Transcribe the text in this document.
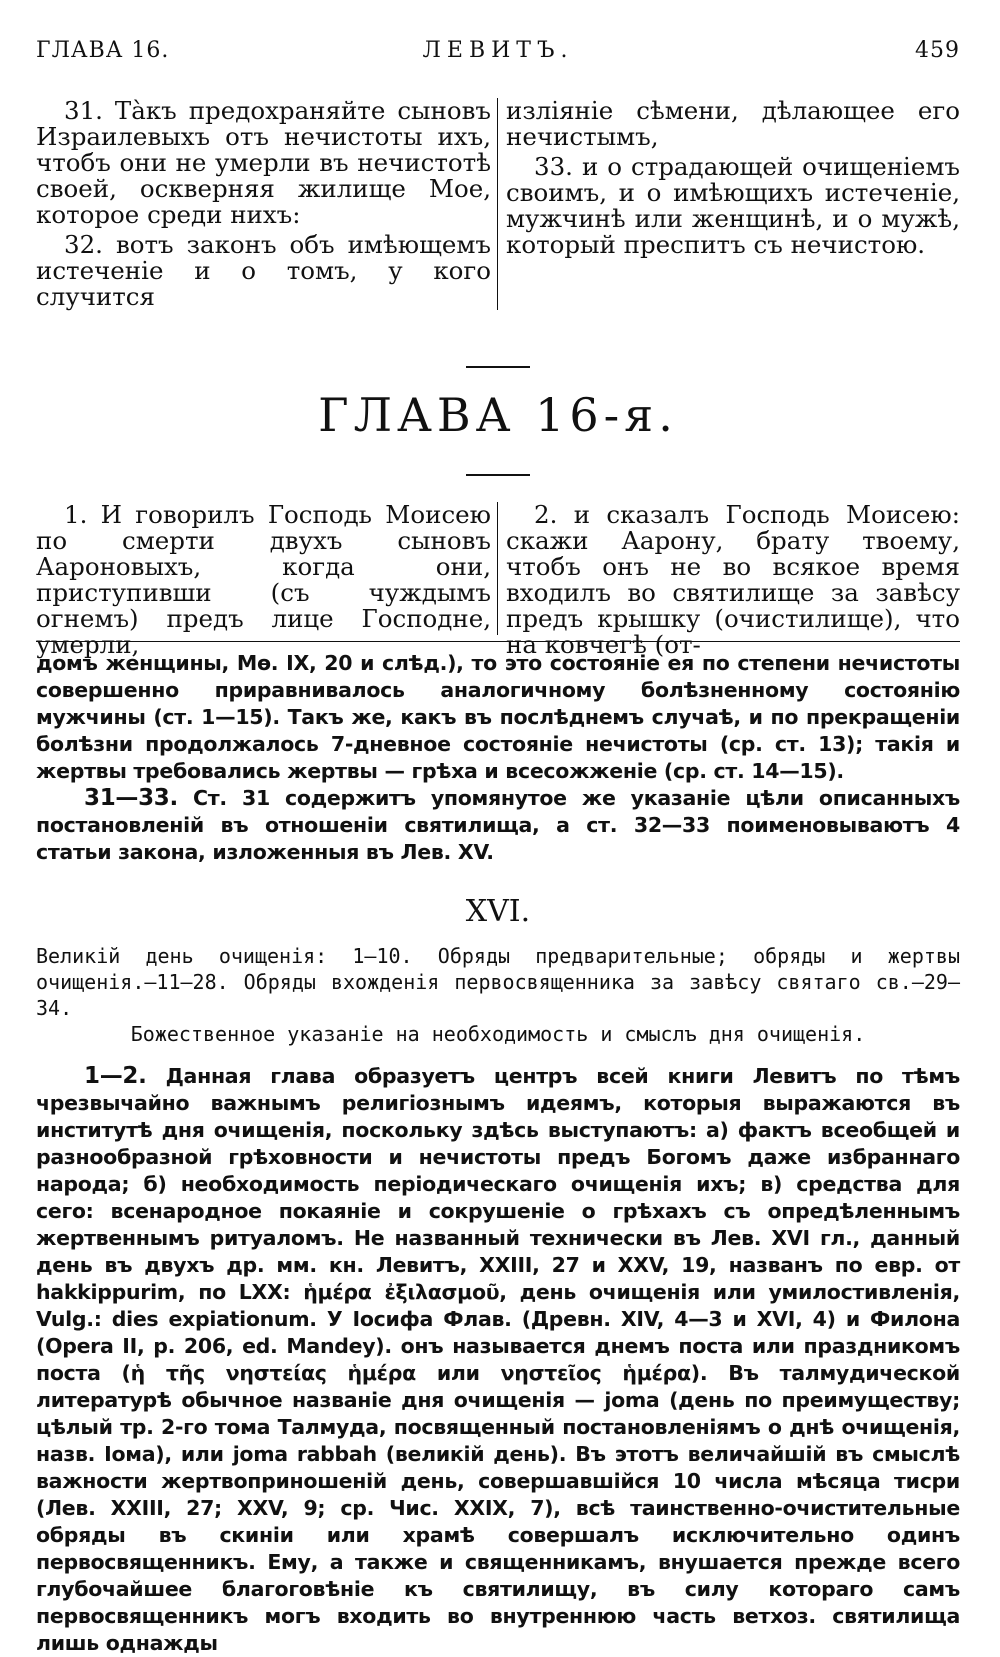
ГЛАВА 16.	ЛЕВИТЪ.	459

31. Тàкъ предохраняйте сыновъ Израилевыхъ отъ нечистоты ихъ, чтобъ они не умерли въ нечистотѣ своей, оскверняя жилище Мое, которое среди нихъ:

32. вотъ законъ объ имѣющемъ истеченіе и о томъ, у кого случится

изліяніе сѣмени, дѣлающее его нечистымъ,

33. и о страдающей очищеніемъ своимъ, и о имѣющихъ истеченіе, мужчинѣ или женщинѣ, и о мужѣ, который преспитъ съ нечистою.

ГЛАВА 16-я.

1. И говорилъ Господь Моисею по смерти двухъ сыновъ Аароновыхъ, когда они, приступивши (съ чуждымъ огнемъ) предъ лице Господне, умерли,

2. и сказалъ Господь Моисею: скажи Аарону, брату твоему, чтобъ онъ не во всякое время входилъ во святилище за завѣсу предъ крышку (очистилище), что на ковчегѣ (от-

домъ женщины, Мѳ. IX, 20 и слѣд.), то это состояніе ея по степени нечистоты совершенно приравнивалось аналогичному болѣзненному состоянію мужчины (ст. 1—15). Такъ же, какъ въ послѣднемъ случаѣ, и по прекращеніи болѣзни продолжалось 7-дневное состояніе нечистоты (ср. ст. 13); такія и жертвы требовались жертвы — грѣха и всесожженіе (ср. ст. 14—15).

31—33. Ст. 31 содержитъ упомянутое же указаніе цѣли описанныхъ постановленій въ отношеніи святилища, а ст. 32—33 поименовываютъ 4 статьи закона, изложенныя въ Лев. XV.

XVI.

Великій день очищенія: 1—10. Обряды предварительные; обряды и жертвы очищенія.—11—28. Обряды вхожденія первосвященника за завѣсу святаго св.—29—34.

Божественное указаніе на необходимость и смыслъ дня очищенія.

1—2. Данная глава образуетъ центръ всей книги Левитъ по тѣмъ чрезвычайно важнымъ религіознымъ идеямъ, которыя выражаются въ институтѣ дня очищенія, поскольку здѣсь выступаютъ: а) фактъ всеобщей и разнообразной грѣховности и нечистоты предъ Богомъ даже избраннаго народа; б) необходимость періодическаго очищенія ихъ; в) средства для сего: всенародное покаяніе и сокрушеніе о грѣхахъ съ опредѣленнымъ жертвеннымъ ритуаломъ. Не названный технически въ Лев. XVI гл., данный день въ двухъ др. мм. кн. Левитъ, XXIII, 27 и XXV, 19, названъ по евр. от hakkippurim, по LXX: ἡμέρα ἐξιλασμοῦ, день очищенія или умилостивленія, Vulg.: dies expiationum. У Іосифа Флав. (Древн. XIV, 4—3 и XVI, 4) и Филона (Opera II, p. 206, ed. Mandey). онъ называется днемъ поста или праздникомъ поста (ἡ τῆς νηστείας ἡμέρα или νηστεῖος ἡμέρα). Въ талмудической литературѣ обычное названіе дня очищенія — joma (день по преимуществу; цѣлый тр. 2-го тома Талмуда, посвященный постановленіямъ о днѣ очищенія, назв. Іома), или joma rabbah (великій день). Въ этотъ величайшій въ смыслѣ важности жертвоприношеній день, совершавшійся 10 числа мѣсяца тисри (Лев. XXIII, 27; XXV, 9; ср. Чис. XXIX, 7), всѣ таинственно-очистительные обряды въ скиніи или храмѣ совершалъ исключительно одинъ первосвященникъ. Ему, а также и священникамъ, внушается прежде всего глубочайшее благоговѣніе къ святилищу, въ силу котораго самъ первосвященникъ могъ входить во внутреннюю часть ветхоз. святилища лишь однажды
